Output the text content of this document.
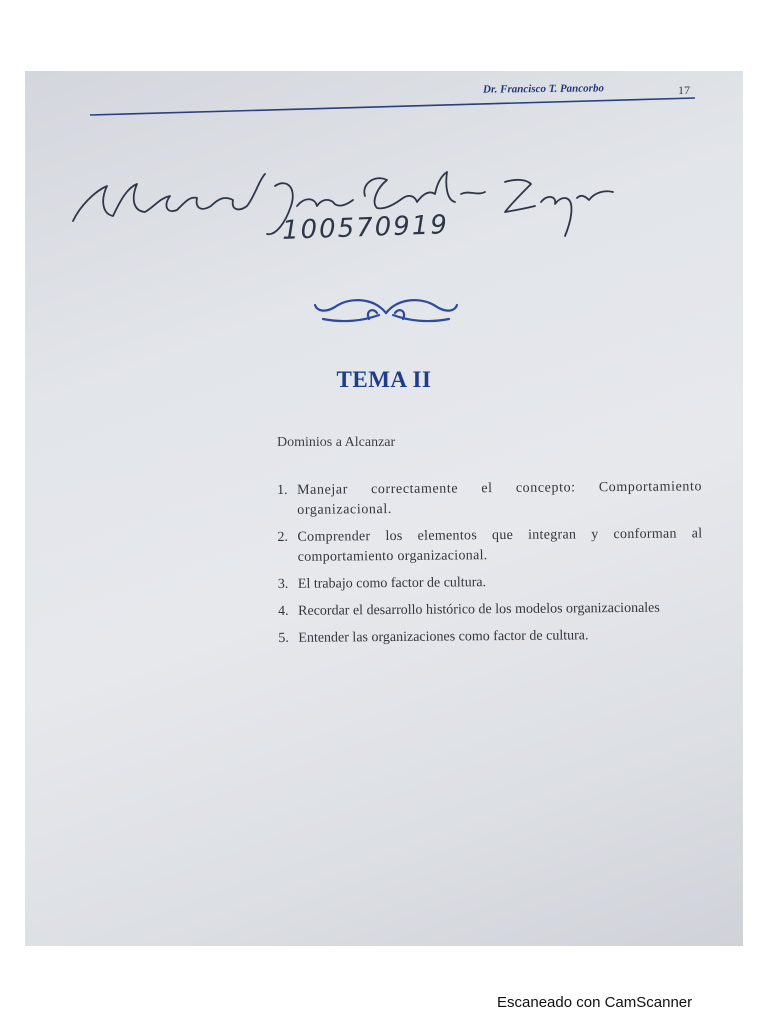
Dr. Francisco T. Pancorbo	17
100570919
TEMA II
Dominios a Alcanzar
1. Manejar correctamente el concepto: Comportamiento organizacional.
2. Comprender los elementos que integran y conforman al comportamiento organizacional.
3. El trabajo como factor de cultura.
4. Recordar el desarrollo histórico de los modelos organizacionales
5. Entender las organizaciones como factor de cultura.
Escaneado con CamScanner
